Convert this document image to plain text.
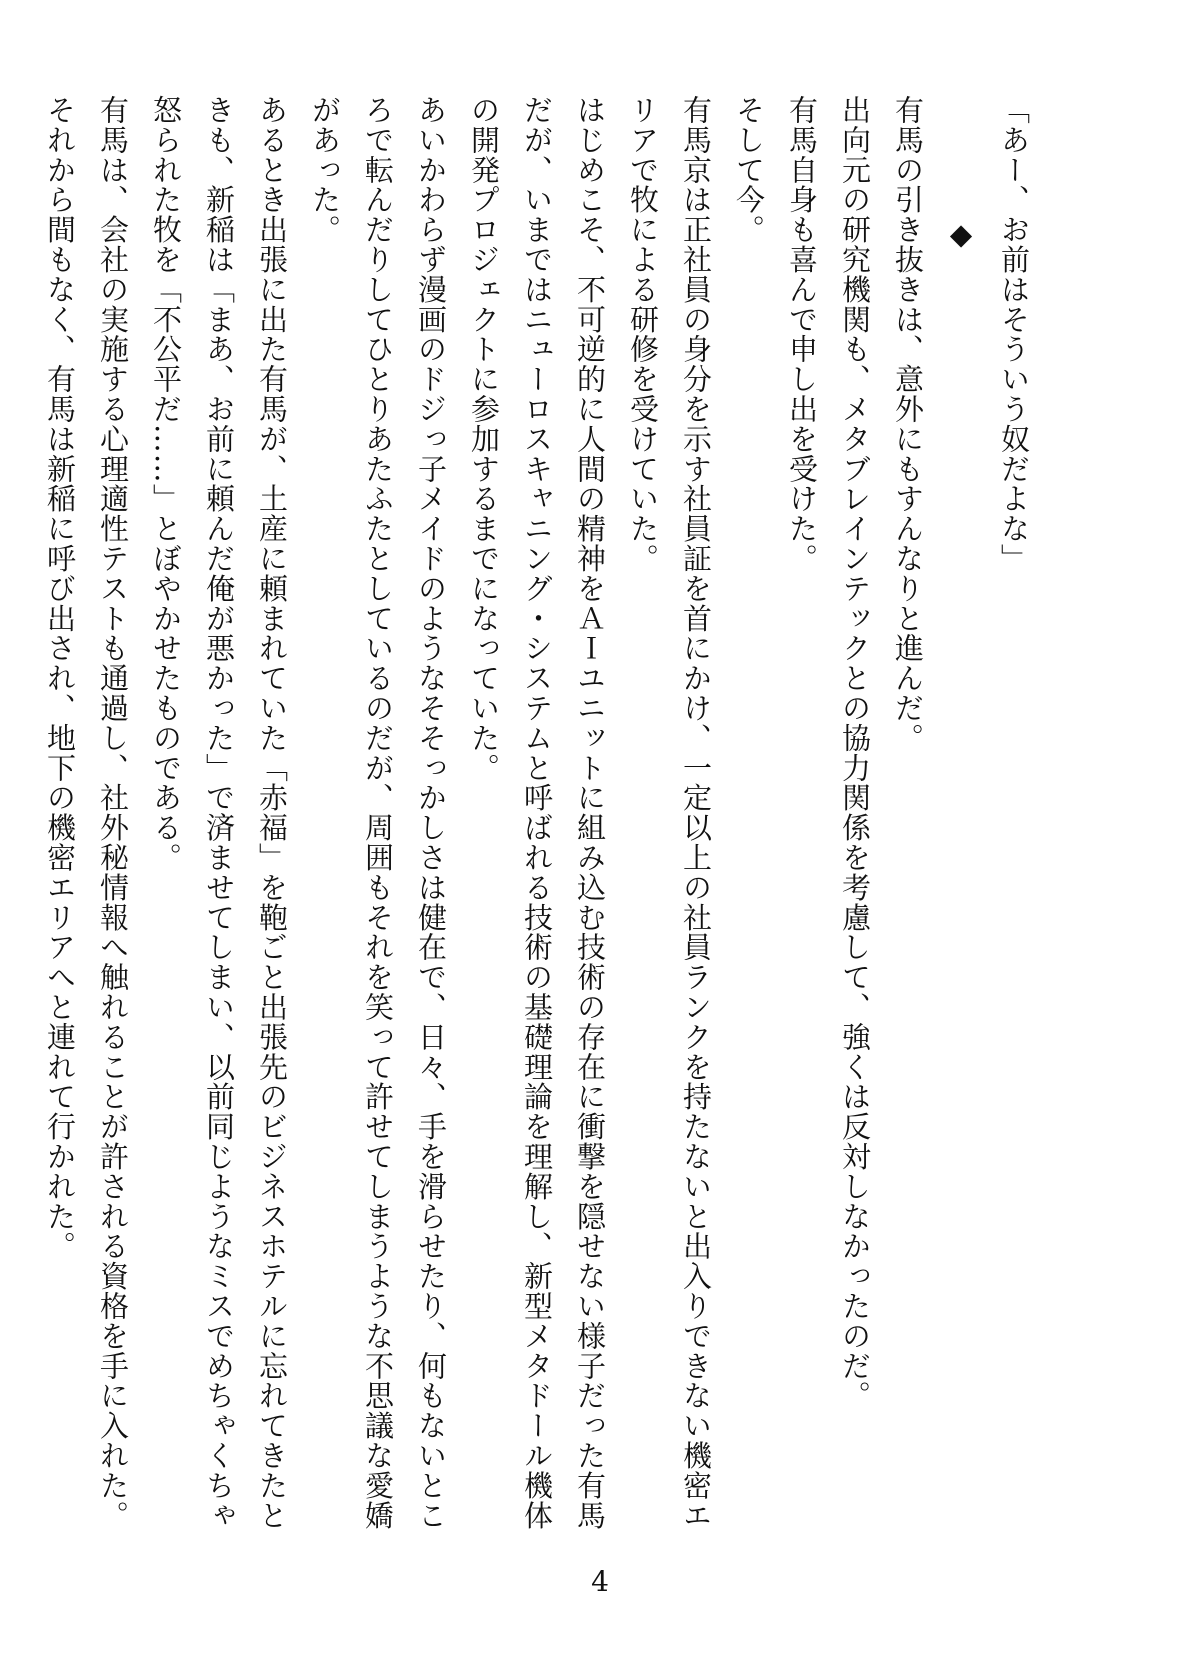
「あー、お前はそういう奴だよな」

◆

有馬の引き抜きは、意外にもすんなりと進んだ。

出向元の研究機関も、メタブレインテックとの協力関係を考慮して、強くは反対しなかったのだ。

有馬自身も喜んで申し出を受けた。

そして今。

有馬京は正社員の身分を示す社員証を首にかけ、一定以上の社員ランクを持たないと出入りできない機密エリアで牧による研修を受けていた。

はじめこそ、不可逆的に人間の精神をＡＩユニットに組み込む技術の存在に衝撃を隠せない様子だった有馬だが、いまではニューロスキャニング・システムと呼ばれる技術の基礎理論を理解し、新型メタドール機体の開発プロジェクトに参加するまでになっていた。

あいかわらず漫画のドジっ子メイドのようなそそっかしさは健在で、日々、手を滑らせたり、何もないところで転んだりしてひとりあたふたとしているのだが、周囲もそれを笑って許せてしまうような不思議な愛嬌があった。

あるとき出張に出た有馬が、土産に頼まれていた「赤福」を鞄ごと出張先のビジネスホテルに忘れてきたときも、新稲は「まあ、お前に頼んだ俺が悪かった」で済ませてしまい、以前同じようなミスでめちゃくちゃ怒られた牧を「不公平だ……」とぼやかせたものである。

有馬は、会社の実施する心理適性テストも通過し、社外秘情報へ触れることが許される資格を手に入れた。

それから間もなく、有馬は新稲に呼び出され、地下の機密エリアへと連れて行かれた。

4
